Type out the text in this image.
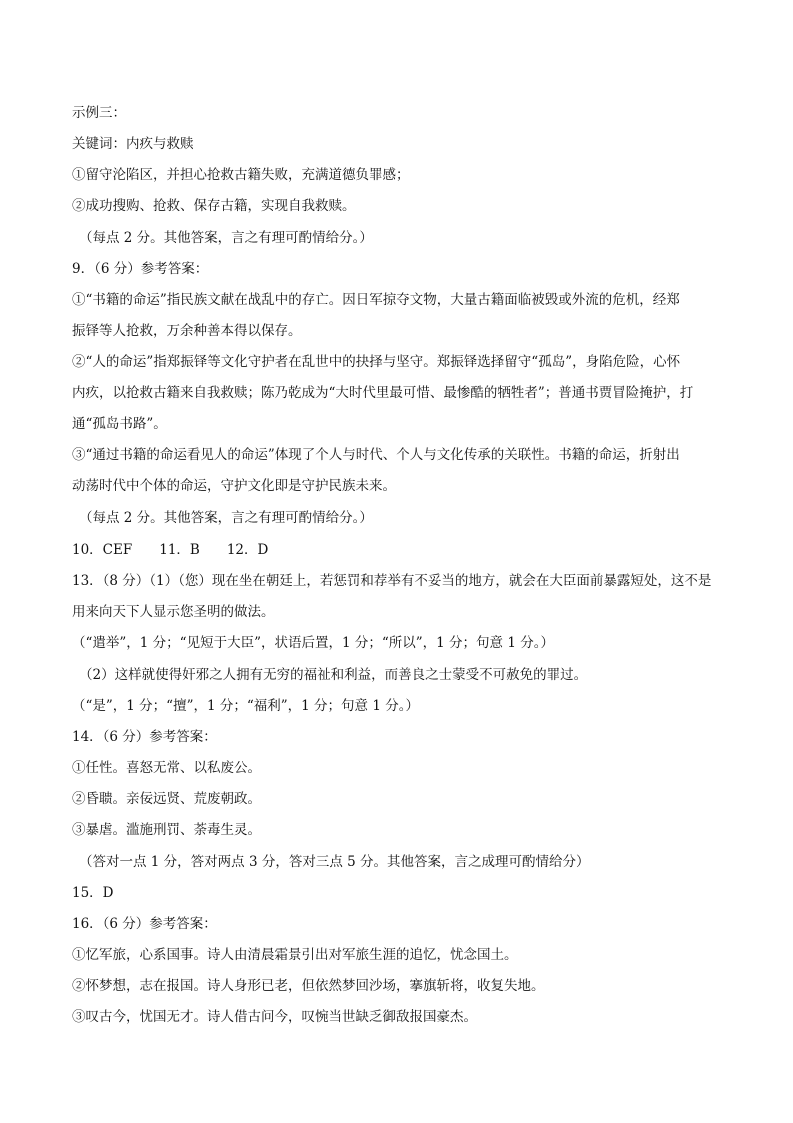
示例三：
关键词：内疚与救赎
①留守沦陷区，并担心抢救古籍失败，充满道德负罪感；
②成功搜购、抢救、保存古籍，实现自我救赎。
（每点 2 分。其他答案，言之有理可酌情给分。）
9．（6 分）参考答案：
①“书籍的命运”指民族文献在战乱中的存亡。因日军掠夺文物，大量古籍面临被毁或外流的危机，经郑
振铎等人抢救，万余种善本得以保存。
②“人的命运”指郑振铎等文化守护者在乱世中的抉择与坚守。郑振铎选择留守“孤岛”，身陷危险，心怀
内疚，以抢救古籍来自我救赎；陈乃乾成为“大时代里最可惜、最惨酷的牺牲者”；普通书贾冒险掩护，打
通“孤岛书路”。
③“通过书籍的命运看见人的命运”体现了个人与时代、个人与文化传承的关联性。书籍的命运，折射出
动荡时代中个体的命运，守护文化即是守护民族未来。
（每点 2 分。其他答案，言之有理可酌情给分。）
10．CEF　　11．B　　12．D
13．（8 分）（1）（您）现在坐在朝廷上，若惩罚和荐举有不妥当的地方，就会在大臣面前暴露短处，这不是
用来向天下人显示您圣明的做法。
（“遣举”，1 分；“见短于大臣”，状语后置，1 分；“所以”，1 分；句意 1 分。）
（2）这样就使得奸邪之人拥有无穷的福祉和利益，而善良之士蒙受不可赦免的罪过。
（“是”，1 分；“擅”，1 分；“福利”，1 分；句意 1 分。）
14．（6 分）参考答案：
①任性。喜怒无常、以私废公。
②昏聩。亲佞远贤、荒废朝政。
③暴虐。滥施刑罚、荼毒生灵。
（答对一点 1 分，答对两点 3 分，答对三点 5 分。其他答案，言之成理可酌情给分）
15．D
16．（6 分）参考答案：
①忆军旅，心系国事。诗人由清晨霜景引出对军旅生涯的追忆，忧念国土。
②怀梦想，志在报国。诗人身形已老，但依然梦回沙场，搴旗斩将，收复失地。
③叹古今，忧国无才。诗人借古问今，叹惋当世缺乏御敌报国豪杰。
